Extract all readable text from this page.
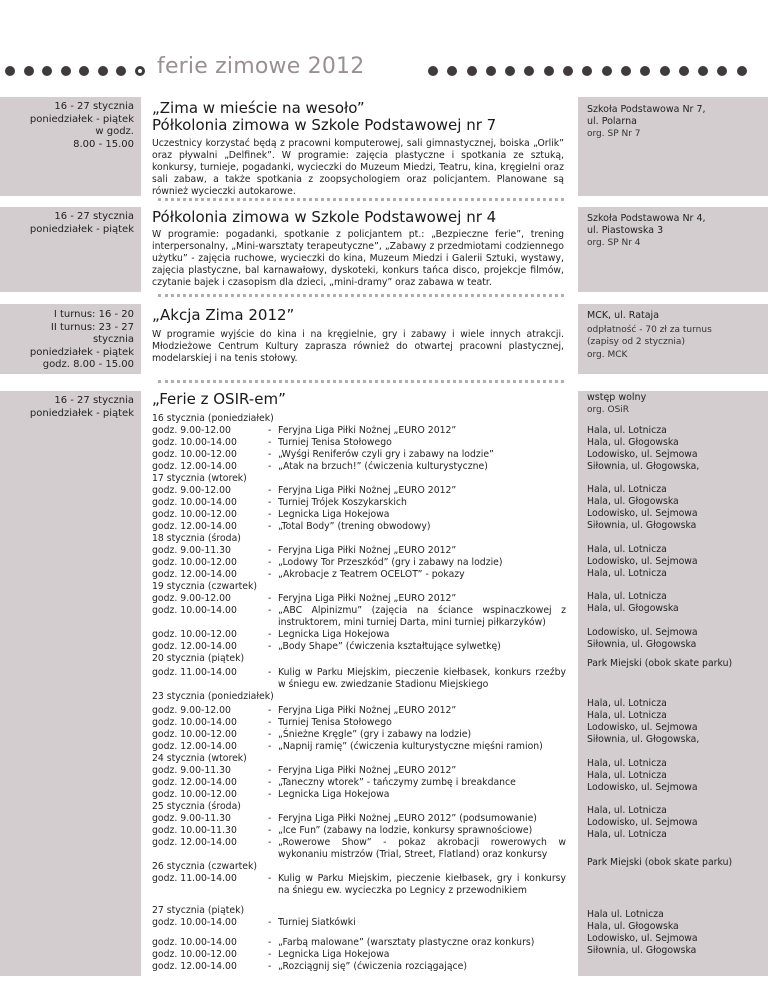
ferie zimowe 2012
16 - 27 stycznia
poniedziałek - piątek
w godz.
8.00 - 15.00
„Zima w mieście na wesoło”
Półkolonia zimowa w Szkole Podstawowej nr 7
Uczestnicy korzystać będą z pracowni komputerowej, sali gimnastycznej, boiska „Orlik” oraz pływalni „Delfinek”. W programie: zajęcia plastyczne i spotkania ze sztuką, konkursy, turnieje, pogadanki, wycieczki do Muzeum Miedzi, Teatru, kina, kręgielni oraz sali zabaw, a także spotkania z zoopsychologiem oraz policjantem. Planowane są również wycieczki autokarowe.
Szkoła Podstawowa Nr 7,
ul. Polarna
org. SP Nr 7
16 - 27 stycznia
poniedziałek - piątek
Półkolonia zimowa w Szkole Podstawowej nr 4
W programie: pogadanki, spotkanie z policjantem pt.: „Bezpieczne ferie”, trening interpersonalny, „Mini-warsztaty terapeutyczne”, „Zabawy z przedmiotami codziennego użytku” - zajęcia ruchowe, wycieczki do kina, Muzeum Miedzi i Galerii Sztuki, wystawy, zajęcia plastyczne, bal karnawałowy, dyskoteki, konkurs tańca disco, projekcje filmów, czytanie bajek i czasopism dla dzieci, „mini-dramy” oraz zabawa w teatr.
Szkoła Podstawowa Nr 4,
ul. Piastowska 3
org. SP Nr 4
I turnus: 16 - 20
II turnus: 23 - 27
stycznia
poniedziałek - piątek
godz. 8.00 - 15.00
„Akcja Zima 2012”
W programie wyjście do kina i na kręgielnie, gry i zabawy i wiele innych atrakcji. Młodzieżowe Centrum Kultury zaprasza również do otwartej pracowni plastycznej, modelarskiej i na tenis stołowy.
MCK, ul. Rataja
odpłatność - 70 zł za turnus
(zapisy od 2 stycznia)
org. MCK
16 - 27 stycznia
poniedziałek - piątek
„Ferie z OSIR-em”	wstęp wolny
org. OSiR
16 stycznia (poniedziałek)
godz. 9.00-12.00	- Feryjna Liga Piłki Nożnej „EURO 2012”
godz. 10.00-14.00	- Turniej Tenisa Stołowego
godz. 10.00-12.00	- „Wyśgi Reniferów czyli gry i zabawy na lodzie”
godz. 12.00-14.00	- „Atak na brzuch!” (ćwiczenia kulturystyczne)
17 stycznia (wtorek)
godz. 9.00-12.00	- Feryjna Liga Piłki Nożnej „EURO 2012”
godz. 10.00-14.00	- Turniej Trójek Koszykarskich
godz. 10.00-12.00	- Legnicka Liga Hokejowa
godz. 12.00-14.00	- „Total Body” (trening obwodowy)
18 stycznia (środa)
godz. 9.00-11.30	- Feryjna Liga Piłki Nożnej „EURO 2012”
godz. 10.00-12.00	- „Lodowy Tor Przeszkód” (gry i zabawy na lodzie)
godz. 12.00-14.00	- „Akrobacje z Teatrem OCELOT” - pokazy
19 stycznia (czwartek)
godz. 9.00-12.00	- Feryjna Liga Piłki Nożnej „EURO 2012”
godz. 10.00-14.00	- „ABC Alpinizmu” (zajęcia na ściance wspinaczkowej z instruktorem, mini turniej Darta, mini turniej piłkarzyków)
godz. 10.00-12.00	- Legnicka Liga Hokejowa
godz. 12.00-14.00	- „Body Shape” (ćwiczenia kształtujące sylwetkę)
20 stycznia (piątek)
godz. 11.00-14.00	- Kulig w Parku Miejskim, pieczenie kiełbasek, konkurs rzeźby w śniegu ew. zwiedzanie Stadionu Miejskiego
23 stycznia (poniedziałek)
godz. 9.00-12.00	- Feryjna Liga Piłki Nożnej „EURO 2012”
godz. 10.00-14.00	- Turniej Tenisa Stołowego
godz. 10.00-12.00	- „Śnieżne Kręgle” (gry i zabawy na lodzie)
godz. 12.00-14.00	- „Napnij ramię” (ćwiczenia kulturystyczne mięśni ramion)
24 stycznia (wtorek)
godz. 9.00-11.30	- Feryjna Liga Piłki Nożnej „EURO 2012”
godz. 12.00-14.00	- „Taneczny wtorek” - tańczymy zumbę i breakdance
godz. 10.00-12.00	- Legnicka Liga Hokejowa
25 stycznia (środa)
godz. 9.00-11.30	- Feryjna Liga Piłki Nożnej „EURO 2012” (podsumowanie)
godz. 10.00-11.30	- „Ice Fun” (zabawy na lodzie, konkursy sprawnościowe)
godz. 12.00-14.00	- „Rowerowe Show” - pokaz akrobacji rowerowych w wykonaniu mistrzów (Trial, Street, Flatland) oraz konkursy
26 stycznia (czwartek)
godz. 11.00-14.00	- Kulig w Parku Miejskim, pieczenie kiełbasek, gry i konkursy na śniegu ew. wycieczka po Legnicy z przewodnikiem
27 stycznia (piątek)
godz. 10.00-14.00	- Turniej Siatkówki
godz. 10.00-14.00	- „Farbą malowane” (warsztaty plastyczne oraz konkurs)
godz. 10.00-12.00	- Legnicka Liga Hokejowa
godz. 12.00-14.00	- „Rozciągnij się” (ćwiczenia rozciągające)
Hala, ul. Lotnicza
Hala, ul. Głogowska
Lodowisko, ul. Sejmowa
Siłownia, ul. Głogowska,
Hala, ul. Lotnicza
Hala, ul. Głogowska
Lodowisko, ul. Sejmowa
Siłownia, ul. Głogowska
Hala, ul. Lotnicza
Lodowisko, ul. Sejmowa
Hala, ul. Lotnicza
Hala, ul. Lotnicza
Hala, ul. Głogowska
Lodowisko, ul. Sejmowa
Siłownia, ul. Głogowska
Park Miejski (obok skate parku)
Hala, ul. Lotnicza
Hala, ul. Lotnicza
Lodowisko, ul. Sejmowa
Siłownia, ul. Głogowska,
Hala, ul. Lotnicza
Hala, ul. Lotnicza
Lodowisko, ul. Sejmowa
Hala, ul. Lotnicza
Lodowisko, ul. Sejmowa
Hala, ul. Lotnicza
Park Miejski (obok skate parku)
Hala ul. Lotnicza
Hala, ul. Głogowska
Lodowisko, ul. Sejmowa
Siłownia, ul. Głogowska
